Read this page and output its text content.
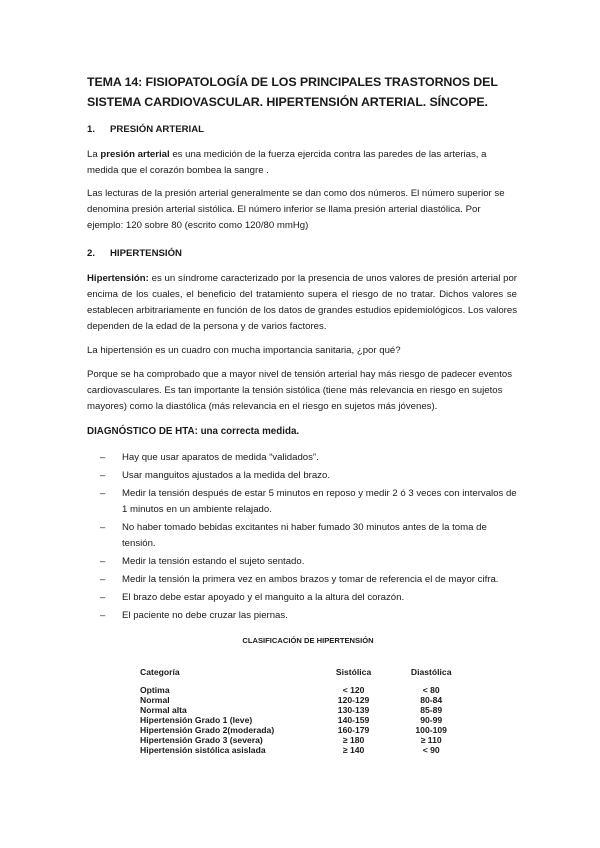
TEMA 14: FISIOPATOLOGÍA DE LOS PRINCIPALES TRASTORNOS DEL SISTEMA CARDIOVASCULAR. HIPERTENSIÓN ARTERIAL. SÍNCOPE.
1. PRESIÓN ARTERIAL
La presión arterial es una medición de la fuerza ejercida contra las paredes de las arterias, a medida que el corazón bombea la sangre .
Las lecturas de la presión arterial generalmente se dan como dos números. El número superior se denomina presión arterial sistólica. El número inferior se llama presión arterial diastólica. Por ejemplo: 120 sobre 80 (escrito como 120/80 mmHg)
2. HIPERTENSIÓN
Hipertensión: es un síndrome caracterizado por la presencia de unos valores de presión arterial por encima de los cuales, el beneficio del tratamiento supera el riesgo de no tratar. Dichos valores se establecen arbitrariamente en función de los datos de grandes estudios epidemiológicos. Los valores dependen de la edad de la persona y de varios factores.
La hipertensión es un cuadro con mucha importancia sanitaria, ¿por qué?
Porque se ha comprobado que a mayor nivel de tensión arterial hay más riesgo de padecer eventos cardiovasculares. Es tan importante la tensión sistólica (tiene más relevancia en riesgo en sujetos mayores) como la diastólica (más relevancia en el riesgo en sujetos más jóvenes).
DIAGNÓSTICO DE HTA: una correcta medida.
– Hay que usar aparatos de medida “validados”.
– Usar manguitos ajustados a la medida del brazo.
– Medir la tensión después de estar 5 minutos en reposo y medir 2 ó 3 veces con intervalos de 1 minutos en un ambiente relajado.
– No haber tomado bebidas excitantes ni haber fumado 30 minutos antes de la toma de tensión.
– Medir la tensión estando el sujeto sentado.
– Medir la tensión la primera vez en ambos brazos y tomar de referencia el de mayor cifra.
– El brazo debe estar apoyado y el manguito a la altura del corazón.
– El paciente no debe cruzar las piernas.
CLASIFICACIÓN DE HIPERTENSIÓN
Categoría	Sistólica	Diastólica
Optima	< 120	< 80
Normal	120-129	80-84
Normal alta	130-139	85-89
Hipertensión Grado 1 (leve)	140-159	90-99
Hipertensión Grado 2(moderada)	160-179	100-109
Hipertensión Grado 3 (severa)	≥ 180	≥ 110
Hipertensión sistólica asislada	≥ 140	< 90
